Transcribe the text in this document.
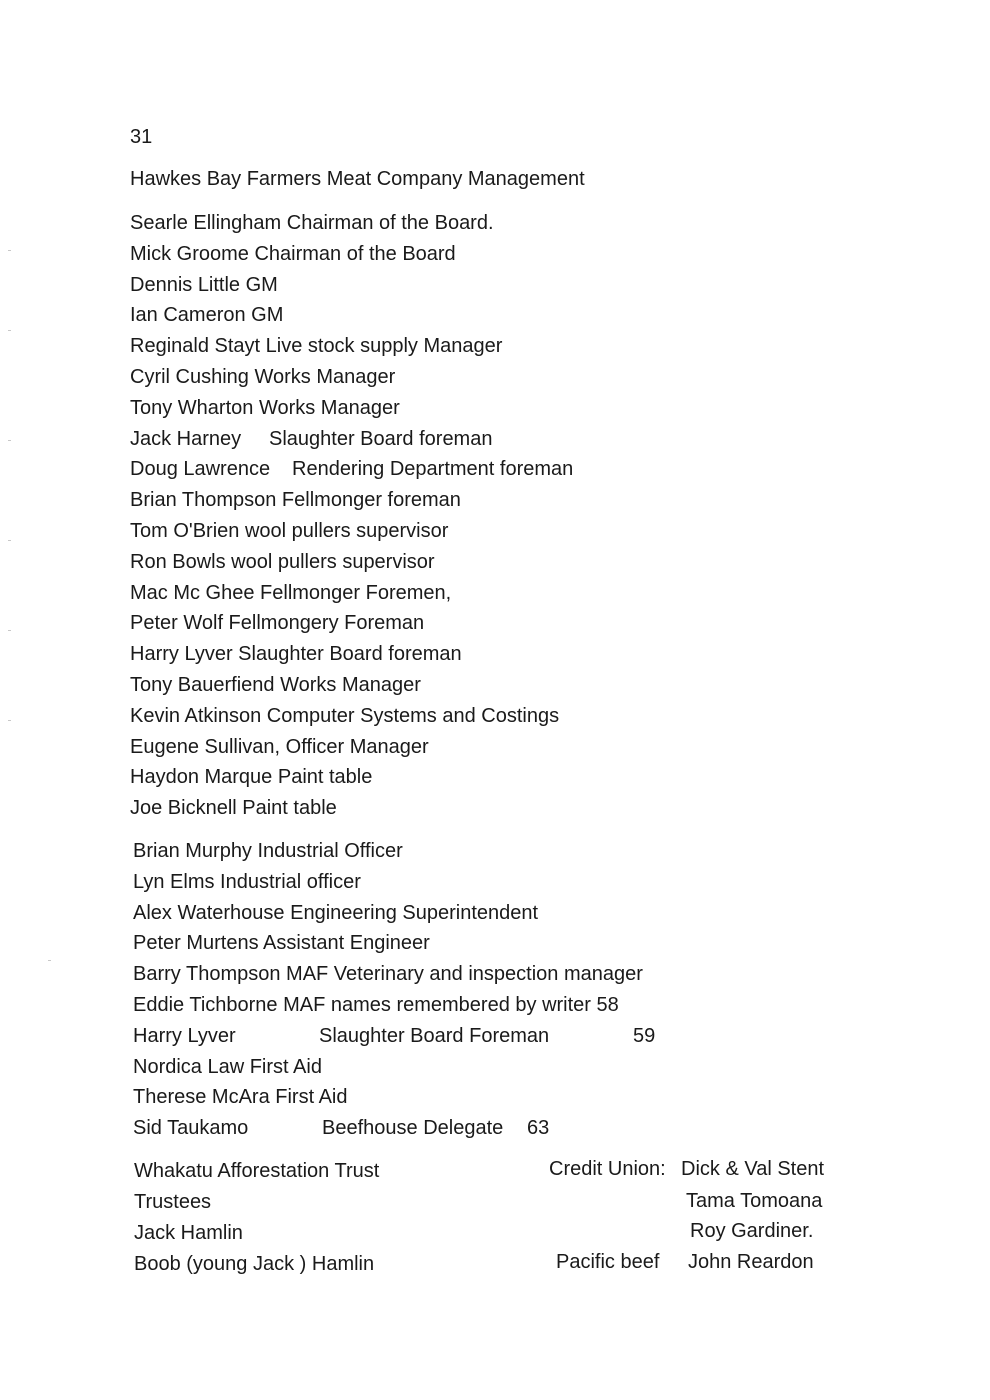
31
Hawkes Bay Farmers Meat Company Management
Searle Ellingham Chairman of the Board.
Mick Groome Chairman of the Board
Dennis Little GM
Ian Cameron GM
Reginald Stayt Live stock supply Manager
Cyril Cushing Works Manager
Tony Wharton Works Manager
Jack Harney Slaughter Board foreman
Doug Lawrence Rendering Department foreman
Brian Thompson Fellmonger foreman
Tom O'Brien wool pullers supervisor
Ron Bowls wool pullers supervisor
Mac Mc Ghee Fellmonger Foremen,
Peter Wolf Fellmongery Foreman
Harry Lyver Slaughter Board foreman
Tony Bauerfiend Works Manager
Kevin Atkinson Computer Systems and Costings
Eugene Sullivan, Officer Manager
Haydon Marque Paint table
Joe Bicknell Paint table
Brian Murphy Industrial Officer
Lyn Elms Industrial officer
Alex Waterhouse Engineering Superintendent
Peter Murtens Assistant Engineer
Barry Thompson MAF Veterinary and inspection manager
Eddie Tichborne MAF names remembered by writer 58
Harry Lyver	Slaughter Board Foreman	59
Nordica Law First Aid
Therese McAra First Aid
Sid Taukamo	Beefhouse Delegate 63
Whakatu Afforestation Trust
Trustees
Jack Hamlin
Boob (young Jack ) Hamlin
Credit Union: Dick & Val Stent
Tama Tomoana
Roy Gardiner.
Pacific beef John Reardon
